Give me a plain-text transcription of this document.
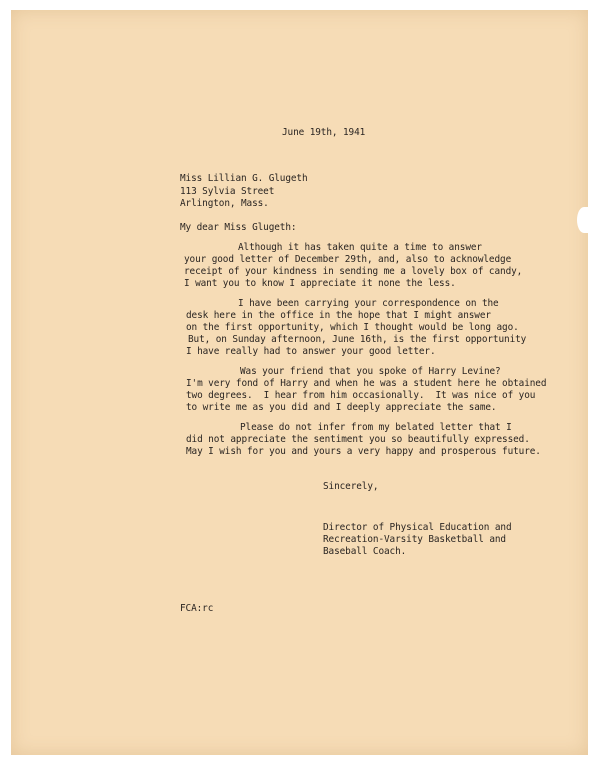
June 19th, 1941
Miss Lillian G. Glugeth
113 Sylvia Street
Arlington, Mass.
My dear Miss Glugeth:
Although it has taken quite a time to answer
your good letter of December 29th, and, also to acknowledge
receipt of your kindness in sending me a lovely box of candy,
I want you to know I appreciate it none the less.
I have been carrying your correspondence on the
desk here in the office in the hope that I might answer
on the first opportunity, which I thought would be long ago.
But, on Sunday afternoon, June 16th, is the first opportunity
I have really had to answer your good letter.
Was your friend that you spoke of Harry Levine?
I'm very fond of Harry and when he was a student here he obtained
two degrees.  I hear from him occasionally.  It was nice of you
to write me as you did and I deeply appreciate the same.
Please do not infer from my belated letter that I
did not appreciate the sentiment you so beautifully expressed.
May I wish for you and yours a very happy and prosperous future.
Sincerely,
Director of Physical Education and
Recreation-Varsity Basketball and
Baseball Coach.
FCA:rc
